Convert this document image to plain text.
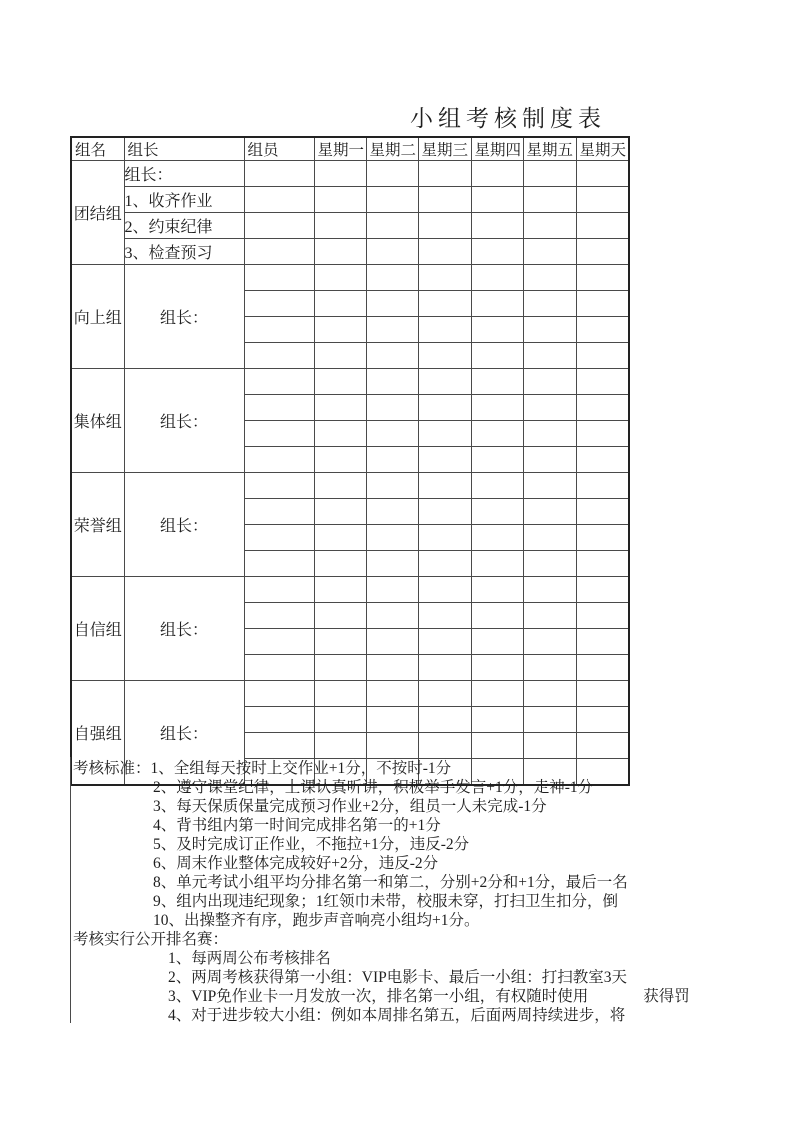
小组考核制度表
组名	组长	组员	星期一	星期二	星期三	星期四	星期五	星期天
团结组	组长：							
	1、收齐作业							
	2、约束纪律							
	3、检查预习							
向上组	组长：							

集体组	组长：							

荣誉组	组长：							

自信组	组长：							

自强组	组长：							

考核标准：1、全组每天按时上交作业+1分，不按时-1分
2、遵守课堂纪律，上课认真听讲，积极举手发言+1分，走神-1分
3、每天保质保量完成预习作业+2分，组员一人未完成-1分
4、背书组内第一时间完成排名第一的+1分
5、及时完成订正作业，不拖拉+1分，违反-2分
6、周末作业整体完成较好+2分，违反-2分
8、单元考试小组平均分排名第一和第二，分别+2分和+1分，最后一名
9、组内出现违纪现象；1红领巾未带，校服未穿，打扫卫生扣分，倒
10、出操整齐有序，跑步声音响亮小组均+1分。
考核实行公开排名赛：
1、每两周公布考核排名
2、两周考核获得第一小组：VIP电影卡、最后一小组：打扫教室3天
3、VIP免作业卡一月发放一次，排名第一小组，有权随时使用	获得罚
4、对于进步较大小组：例如本周排名第五，后面两周持续进步，将
